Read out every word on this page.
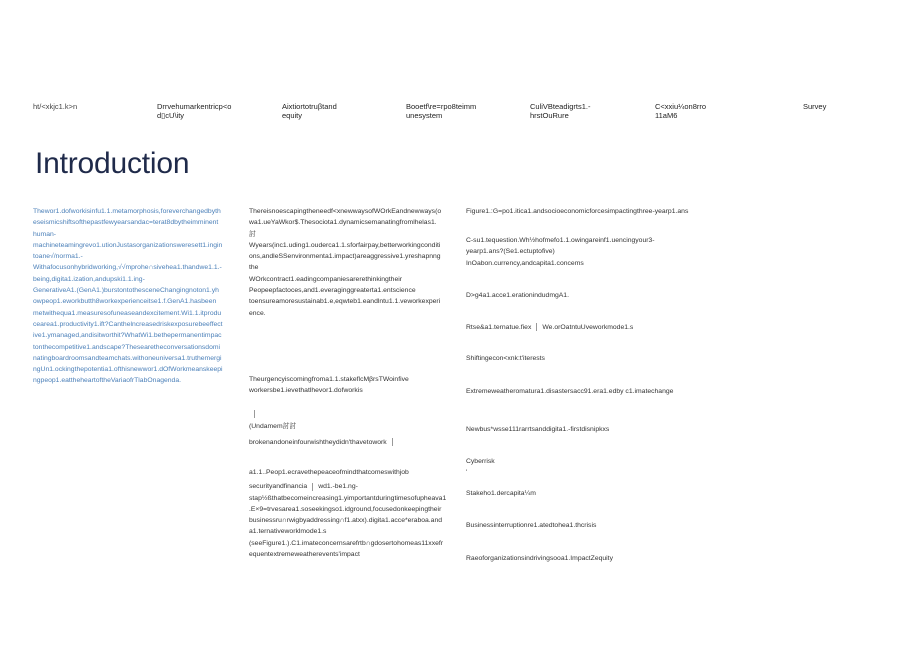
ht/<xkjc1.k>n	Drrvehumarkentricp<o
d▯cU\ity
Aixtiortotruβtand
equity
Booetf\re=rpo8teimm
unesystem
CuliVBteadigrts1.-
hrstOuRure
C<xxiu¼on8rro
11aM6
Survey
Introduction

Thewor1.dofworkisinfu1.1.metamorphosis,foreverchangedbyth

eseismicshiftsofthepastfewyearsandac=terat8dbytheimminent

human-

machineteamingrevo1.utionJustasorganizationsweresett1.ingin

toane√/norma1.-

Withafocusonhybridworking,√√mprohe∩sivehea1.thandwe1.1.-

being,digita1.ization,andupski1.1.ing-

GenerativeA1.(GenA1.)burstontothesceneChangingnoton1.yh

owpeop1.eworkbutth8workexperienceitse1.f.GenA1.hasbeen

metwithequa1.measuresofuneaseandexcitement.Wi1.1.itprodu

cearea1.productivity1.ift?Canthelncreasedriskexposurebeeffect

ive1.ymanaged,andisitworthit?WhatWi1.bethepermanentimpac

tonthecompetitive1.andscape?Thesearetheconversationsdomi

natingboardroomsandteamchats.withoneuniversa1.truthemergi

ngUn1.ockingthepotentia1.ofthisnewwor1.dOfWorkmeanskeepi

ngpeop1.eattheheartoftheVariaofrTlabOnagenda.

Thereisnoescapingtheneedf<xnewwaysofWOrkEandnewways(o

wa1.ueYaWkor$.Thesociota1.dynamicsemanatingfromlhelas1.

討

Wyears(inc1.uding1.ouderca1.1.sforfairpay,betterworkingconditi

ons,andleSSenvironmenta1.impact)areaggressive1.yreshapnng

the

WOrkcontract1.eadingcompaniesarerethinkingtheir

Peopeepfactoces,and1.everaginggreaterta1.entscience

toensureamoresustainab1.e,eqwteb1.eandlntu1.1.veworkexperi

ence.

Theurgencyiscomingfroma1.1.stakeflcMβrsTWoinfive

workersbe1.ievethatlhevor1.dofworkis

(Undamem討討

brokenandoneinfourwishtheydidn'thavetowork

a1.1..Peop1.ecravethepeaceofmindthatcomeswithjob

securityandfinancia wd1.-be1.ng-

stap½ßthatbecomeincreasing1.yimportantduringtimesofupheava1

.E×9=trvesarea1.soseekingso1.idground,focusedonkeepingtheir

businessru∩rwigbyaddressing∩f1.atxx).digita1.acce*eraboa.and

a1.ternativeworklmode1.s

(seeFigure1.).C1.imateconcernsarefrtb∩gdosertohomeas11xxefr

equentextremeweatherevents'impact

Figure1.:G=po1.itica1.andsocioeconomicforcesimpactingthree-yearp1.ans

C-su1.tequestion.Wh½hofmefo1.1.owingareinf1.uencingyour3-

yearp1.ans?(Se1.ectuptofive)

InOabon.currency,andcapita1.concems

D>g4a1.acce1.erationindudmgA1.

Rtse&a1.ternatue.fiex We.orOatntuUveworkmode1.s

Shiftingecon<xnk:t'iterests

Extremeweatheromatura1.disastersacc91.era1.edby c1.imatechange

Newbus*wsse111rarrtsanddigita1.-firstdisnipkxs

Cyberrisk

'

Stakeho1.dercapita¼m

Businessinterruptionre1.atedtohea1.thcrisis

Raeoforganizationsindrivingsooa1.ImpactZequity
